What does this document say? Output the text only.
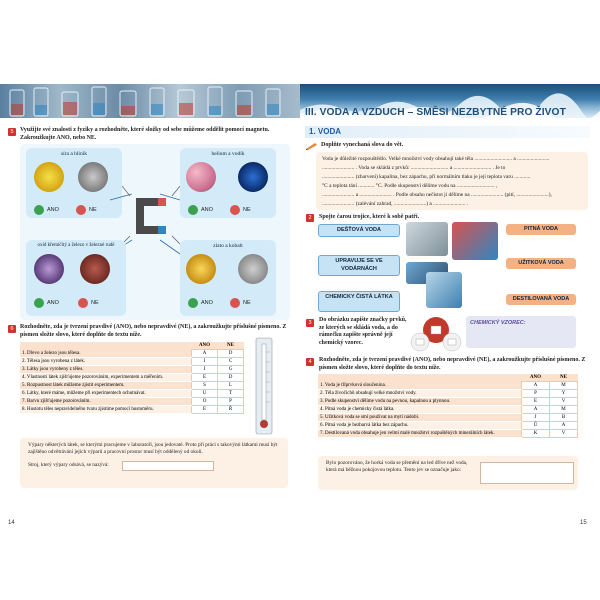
III. VODA A VZDUCH – SMĚSI NEZBYTNÉ PRO ŽIVOT
5	Využijte své znalosti z fyziky a rozhodněte, které složky od sebe můžeme oddělit pomocí magnetu. Zakroužkujte ANO, nebo NE.
síra a hliník
ANO	NE
helium a vodík
ANO	NE
oxid křemičitý a železo v železné rudě
ANO	NE
zlato a kobalt
ANO	NE
6	Rozhodněte, zda je tvrzení pravdivé (ANO), nebo nepravdivé (NE), a zakroužkujte příslušné písmeno. Z písmen složte slovo, které doplňte do textu níže.
	ANO	NE
1. Dřevo a železo jsou tělesa.	A	D
2. Tělesa jsou vyrobena z látek.	I	C
3. Látky jsou vyrobeny z těles.	I	G
4. Vlastnosti látek zjišťujeme pozorováním, experimentem a měřením.	E	D
5. Rozpustnost látek můžeme zjistit experimentem.	S	L
6. Látky, které máme, můžeme při experimentech ochutnávat.	U	T
7. Barvu zjišťujeme pozorováním.	O	P
8. Hustotu těles nepravidelného tvaru zjistíme pomocí hustoměru.	E	Ř
Výpary některých látek, se kterými pracujeme v laboratoři, jsou jedovaté. Proto při práci s takovými látkami musí být zajištěno odvětrávání jejich výparů a pracovní prostor musí být oddělený od okolí.
Stroj, který výpary odsává, se nazývá:
14
1. VODA
Doplňte vynechaná slova do vět.
Voda je důležité rozpouštědlo. Velké množství vody obsahují také těla ............................ a ........................
........................ . Voda se skládá z prvků: ............................ a ............................ . Je to
........................ (zbarvení) kapalina, bez zápachu, při normálním tlaku je její teplota varu ............
°C a teplota tání ............ °C. Podle skupenství dělíme vodu na ............................ ,
........................ a ........................ . Podle obsahu nečistot ji dělíme na ........................ (pití, ........................),
........................ (zalévání zahrad, ........................) a ........................ .
2	Spojte čarou trojice, které k sobě patří.
DEŠŤOVÁ VODA
UPRAVUJE SE VE VODÁRNÁCH
CHEMICKY ČISTÁ LÁTKA
PITNÁ VODA
UŽITKOVÁ VODA
DESTILOVANÁ VODA
3	Do obrázku zapište značky prvků, ze kterých se skládá voda, a do rámečku zapište správně její chemický vzorec.
CHEMICKÝ VZOREC:
4	Rozhodněte, zda je tvrzení pravdivé (ANO), nebo nepravdivé (NE), a zakroužkujte příslušné písmeno. Z písmen složte slovo, které doplňte do textu níže.
	ANO	NE
1. Voda je tříprvková sloučenina.	A	M
2. Těla živočichů obsahují velké množství vody.	P	Y
3. Podle skupenství dělíme vodu na pevnou, kapalnou a plynnou.	E	V
4. Pitná voda je chemicky čistá látka.	A	M
5. Užitková voda se smí používat na mytí nádobí.	J	B
6. Pitná voda je bezbarvá látka bez zápachu.	Ů	A
7. Destilovaná voda obsahuje jen velmi malé množství rozpuštěných minerálních látek.	K	V
Bylo pozorováno, že horká voda se přemění na led dříve než voda, která má běžnou pokojovou teplotu. Tento jev se označuje jako:
15
